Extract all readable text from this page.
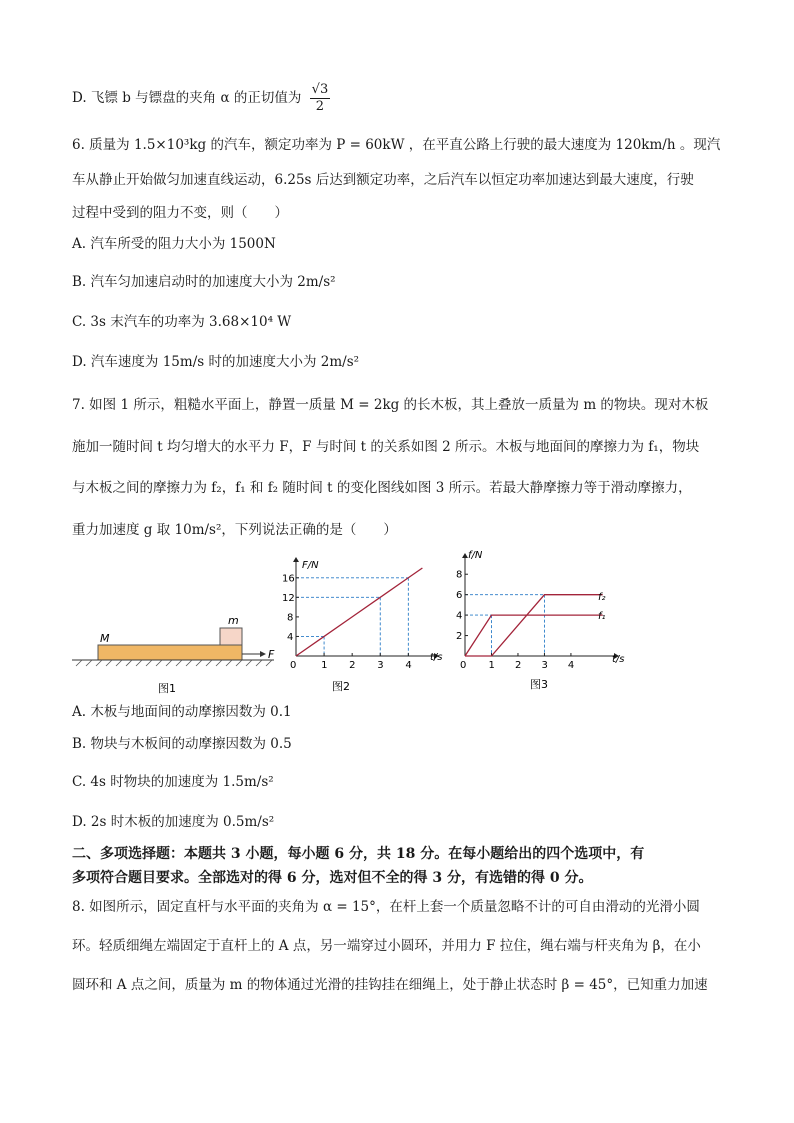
D. 飞镖 b 与镖盘的夹角 α 的正切值为 $\frac{√3}{2}$
6. 质量为 1.5×10³kg 的汽车，额定功率为 P = 60kW ，在平直公路上行驶的最大速度为 120km/h 。现汽
车从静止开始做匀加速直线运动，6.25s 后达到额定功率，之后汽车以恒定功率加速达到最大速度，行驶
过程中受到的阻力不变，则（　　）
A. 汽车所受的阻力大小为 1500N
B. 汽车匀加速启动时的加速度大小为 2m/s²
C. 3s 末汽车的功率为 3.68×10⁴ W
D. 汽车速度为 15m/s 时的加速度大小为 2m/s²
7. 如图 1 所示，粗糙水平面上，静置一质量 M = 2kg 的长木板，其上叠放一质量为 m 的物块。现对木板
施加一随时间 t 均匀增大的水平力 F，F 与时间 t 的关系如图 2 所示。木板与地面间的摩擦力为 f₁，物块
与木板之间的摩擦力为 f₂，f₁ 和 f₂ 随时间 t 的变化图线如图 3 所示。若最大静摩擦力等于滑动摩擦力，
重力加速度 g 取 10m/s²，下列说法正确的是（　　）
m
M
F
图1
1 2 3 4
4
8
12
16
F/N
t/s
0
图2
1 2 3 4
2
4
6
8
f/N
t/s
0
f₂
f₁
图3
A. 木板与地面间的动摩擦因数为 0.1
B. 物块与木板间的动摩擦因数为 0.5
C. 4s 时物块的加速度为 1.5m/s²
D. 2s 时木板的加速度为 0.5m/s²
二、多项选择题：本题共 3 小题，每小题 6 分，共 18 分。在每小题给出的四个选项中，有
多项符合题目要求。全部选对的得 6 分，选对但不全的得 3 分，有选错的得 0 分。
8. 如图所示，固定直杆与水平面的夹角为 α = 15°，在杆上套一个质量忽略不计的可自由滑动的光滑小圆
环。轻质细绳左端固定于直杆上的 A 点，另一端穿过小圆环，并用力 F 拉住，绳右端与杆夹角为 β，在小
圆环和 A 点之间，质量为 m 的物体通过光滑的挂钩挂在细绳上，处于静止状态时 β = 45°，已知重力加速
